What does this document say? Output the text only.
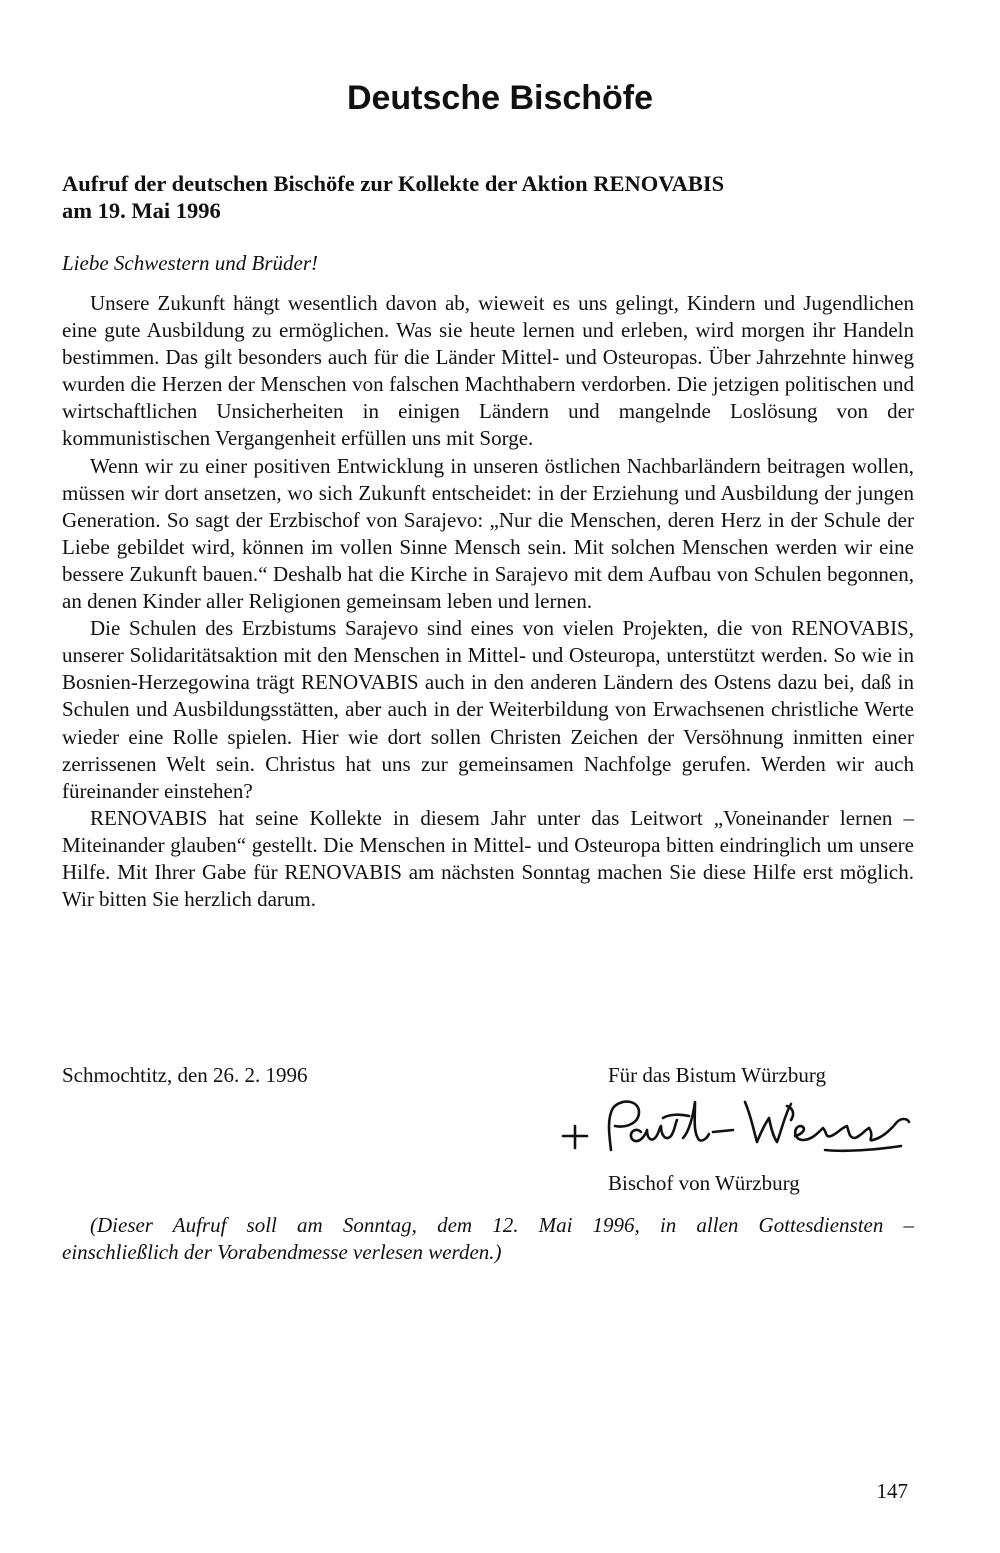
Deutsche Bischöfe
Aufruf der deutschen Bischöfe zur Kollekte der Aktion RENOVABIS
am 19. Mai 1996

Liebe Schwestern und Brüder!

Unsere Zukunft hängt wesentlich davon ab, wieweit es uns gelingt, Kindern und Jugendlichen eine gute Ausbildung zu ermöglichen. Was sie heute lernen und erleben, wird morgen ihr Handeln bestimmen. Das gilt besonders auch für die Länder Mittel- und Osteuropas. Über Jahrzehnte hinweg wurden die Herzen der Menschen von falschen Machthabern verdorben. Die jetzigen politischen und wirtschaftlichen Unsicherheiten in einigen Ländern und mangelnde Loslösung von der kommunistischen Vergangenheit erfüllen uns mit Sorge.

Wenn wir zu einer positiven Entwicklung in unseren östlichen Nachbarländern beitragen wollen, müssen wir dort ansetzen, wo sich Zukunft entscheidet: in der Erziehung und Ausbildung der jungen Generation. So sagt der Erzbischof von Sarajevo: „Nur die Menschen, deren Herz in der Schule der Liebe gebildet wird, können im vollen Sinne Mensch sein. Mit solchen Menschen werden wir eine bessere Zukunft bauen.“ Deshalb hat die Kirche in Sarajevo mit dem Aufbau von Schulen begonnen, an denen Kinder aller Religionen gemeinsam leben und lernen.

Die Schulen des Erzbistums Sarajevo sind eines von vielen Projekten, die von RENOVABIS, unserer Solidaritätsaktion mit den Menschen in Mittel- und Osteuropa, unterstützt werden. So wie in Bosnien-Herzegowina trägt RENOVABIS auch in den anderen Ländern des Ostens dazu bei, daß in Schulen und Ausbildungsstätten, aber auch in der Weiterbildung von Erwachsenen christliche Werte wieder eine Rolle spielen. Hier wie dort sollen Christen Zeichen der Versöhnung inmitten einer zerrissenen Welt sein. Christus hat uns zur gemeinsamen Nachfolge gerufen. Werden wir auch füreinander einstehen?

RENOVABIS hat seine Kollekte in diesem Jahr unter das Leitwort „Voneinander lernen – Miteinander glauben“ gestellt. Die Menschen in Mittel- und Osteuropa bitten eindringlich um unsere Hilfe. Mit Ihrer Gabe für RENOVABIS am nächsten Sonntag machen Sie diese Hilfe erst möglich. Wir bitten Sie herzlich darum.

Schmochtitz, den 26. 2. 1996	Für das Bistum Würzburg
Bischof von Würzburg

(Dieser Aufruf soll am Sonntag, dem 12. Mai 1996, in allen Gottesdiensten –
einschließlich der Vorabendmesse verlesen werden.)

147
